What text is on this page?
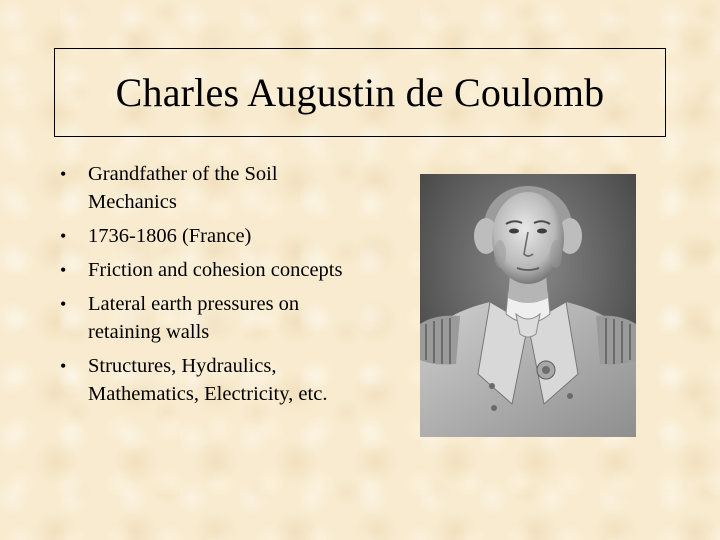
Charles Augustin de Coulomb
• Grandfather of the Soil Mechanics
• 1736-1806 (France)
• Friction and cohesion concepts
• Lateral earth pressures on retaining walls
• Structures, Hydraulics, Mathematics, Electricity, etc.
